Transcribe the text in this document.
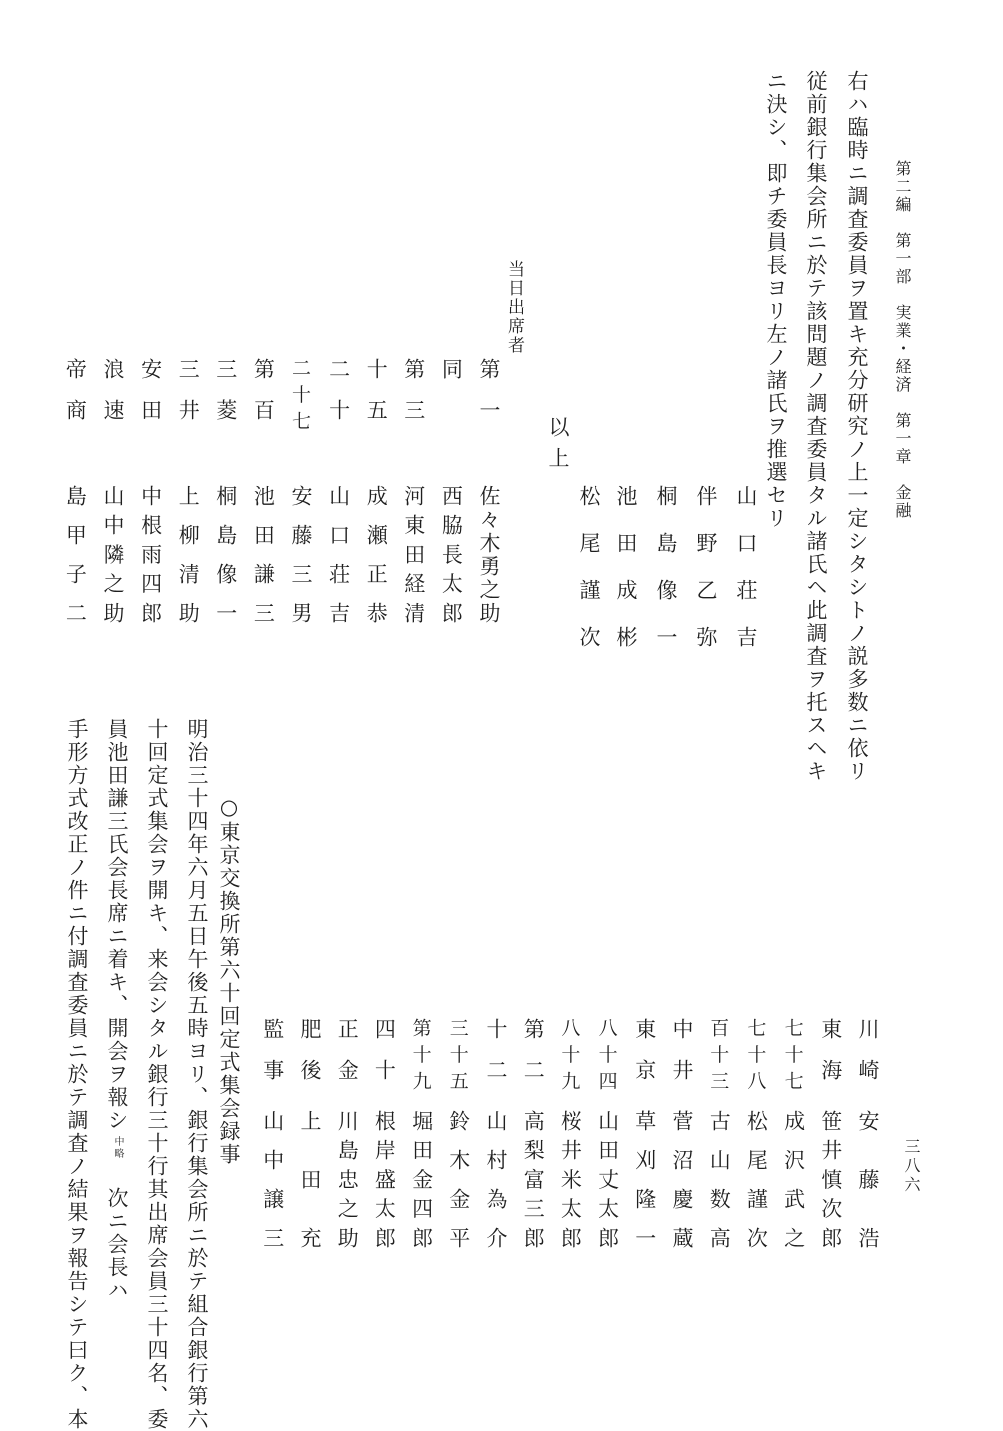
第二編　第一部　実業・経済　第一章　金融
三八六
右ハ臨時ニ調査委員ヲ置キ充分研究ノ上一定シタシトノ説多数ニ依リ
従前銀行集会所ニ於テ該問題ノ調査委員タル諸氏ヘ此調査ヲ托スヘキ
ニ決シ、即チ委員長ヨリ左ノ諸氏ヲ推選セリ
山口荘吉
伴野乙弥
桐島像一
池田成彬
松尾謹次
以上
当日出席者
○東京交換所第六十回定式集会録事
明治三十四年六月五日午後五時ヨリ、銀行集会所ニ於テ組合銀行第六
十回定式集会ヲ開キ、来会シタル銀行三十行其出席会員三十四名、委
員池田謙三氏会長席ニ着キ、開会ヲ報シ中略　次ニ会長ハ
手形方式改正ノ件ニ付調査委員ニ於テ調査ノ結果ヲ報告シテ曰ク、本
第一
佐々木勇之助
同
西脇長太郎
第三
河東田経清
十五
成瀬正恭
二十
山口荘吉
二十七
安藤三男
第百
池田謙三
三菱
桐島像一
三井
上柳清助
安田
中根雨四郎
浪速
山中隣之助
帝商
島甲子二
川崎
安藤浩
東海
笹井慎次郎
七十七
成沢武之
七十八
松尾謹次
百十三
古山数高
中井
菅沼慶蔵
東京
草刈隆一
八十四
山田丈太郎
八十九
桜井米太郎
第二
高梨富三郎
十二
山村為介
三十五
鈴木金平
第十九
堀田金四郎
四十
根岸盛太郎
正金
川島忠之助
肥後
上田充
監事
山中譲三
